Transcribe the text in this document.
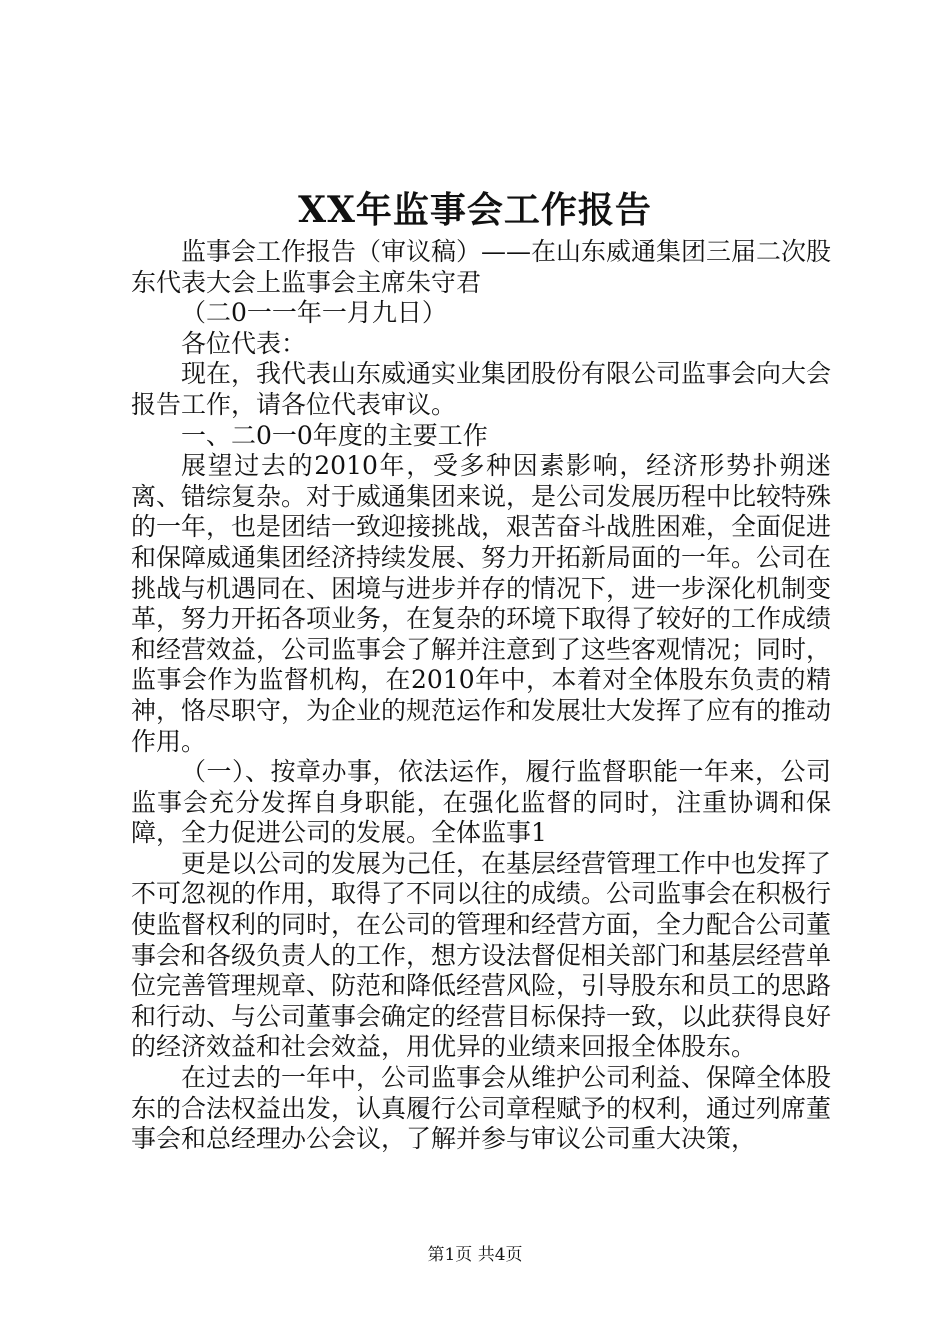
XX年监事会工作报告

监事会工作报告（审议稿）——在山东威通集团三届二次股东代表大会上监事会主席朱守君

（二0一一年一月九日）

各位代表：

现在，我代表山东威通实业集团股份有限公司监事会向大会报告工作，请各位代表审议。

一、二0一0年度的主要工作

展望过去的2010年，受多种因素影响，经济形势扑朔迷离、错综复杂。对于威通集团来说，是公司发展历程中比较特殊的一年，也是团结一致迎接挑战，艰苦奋斗战胜困难，全面促进和保障威通集团经济持续发展、努力开拓新局面的一年。公司在挑战与机遇同在、困境与进步并存的情况下，进一步深化机制变革，努力开拓各项业务，在复杂的环境下取得了较好的工作成绩和经营效益，公司监事会了解并注意到了这些客观情况；同时，监事会作为监督机构，在2010年中，本着对全体股东负责的精神，恪尽职守，为企业的规范运作和发展壮大发挥了应有的推动作用。

（一）、按章办事，依法运作，履行监督职能一年来，公司监事会充分发挥自身职能，在强化监督的同时，注重协调和保障，全力促进公司的发展。全体监事1

更是以公司的发展为己任，在基层经营管理工作中也发挥了不可忽视的作用，取得了不同以往的成绩。公司监事会在积极行使监督权利的同时，在公司的管理和经营方面，全力配合公司董事会和各级负责人的工作，想方设法督促相关部门和基层经营单位完善管理规章、防范和降低经营风险，引导股东和员工的思路和行动、与公司董事会确定的经营目标保持一致，以此获得良好的经济效益和社会效益，用优异的业绩来回报全体股东。

在过去的一年中，公司监事会从维护公司利益、保障全体股东的合法权益出发，认真履行公司章程赋予的权利，通过列席董事会和总经理办公会议，了解并参与审议公司重大决策，

第1页 共4页
